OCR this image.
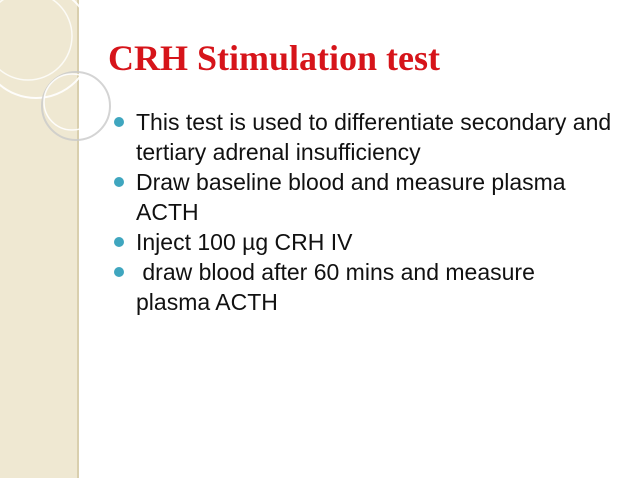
CRH Stimulation test
This test is used to differentiate secondary and tertiary adrenal insufficiency
Draw baseline blood and measure plasma ACTH
Inject 100 µg CRH IV
draw blood after 60 mins and measure plasma ACTH
